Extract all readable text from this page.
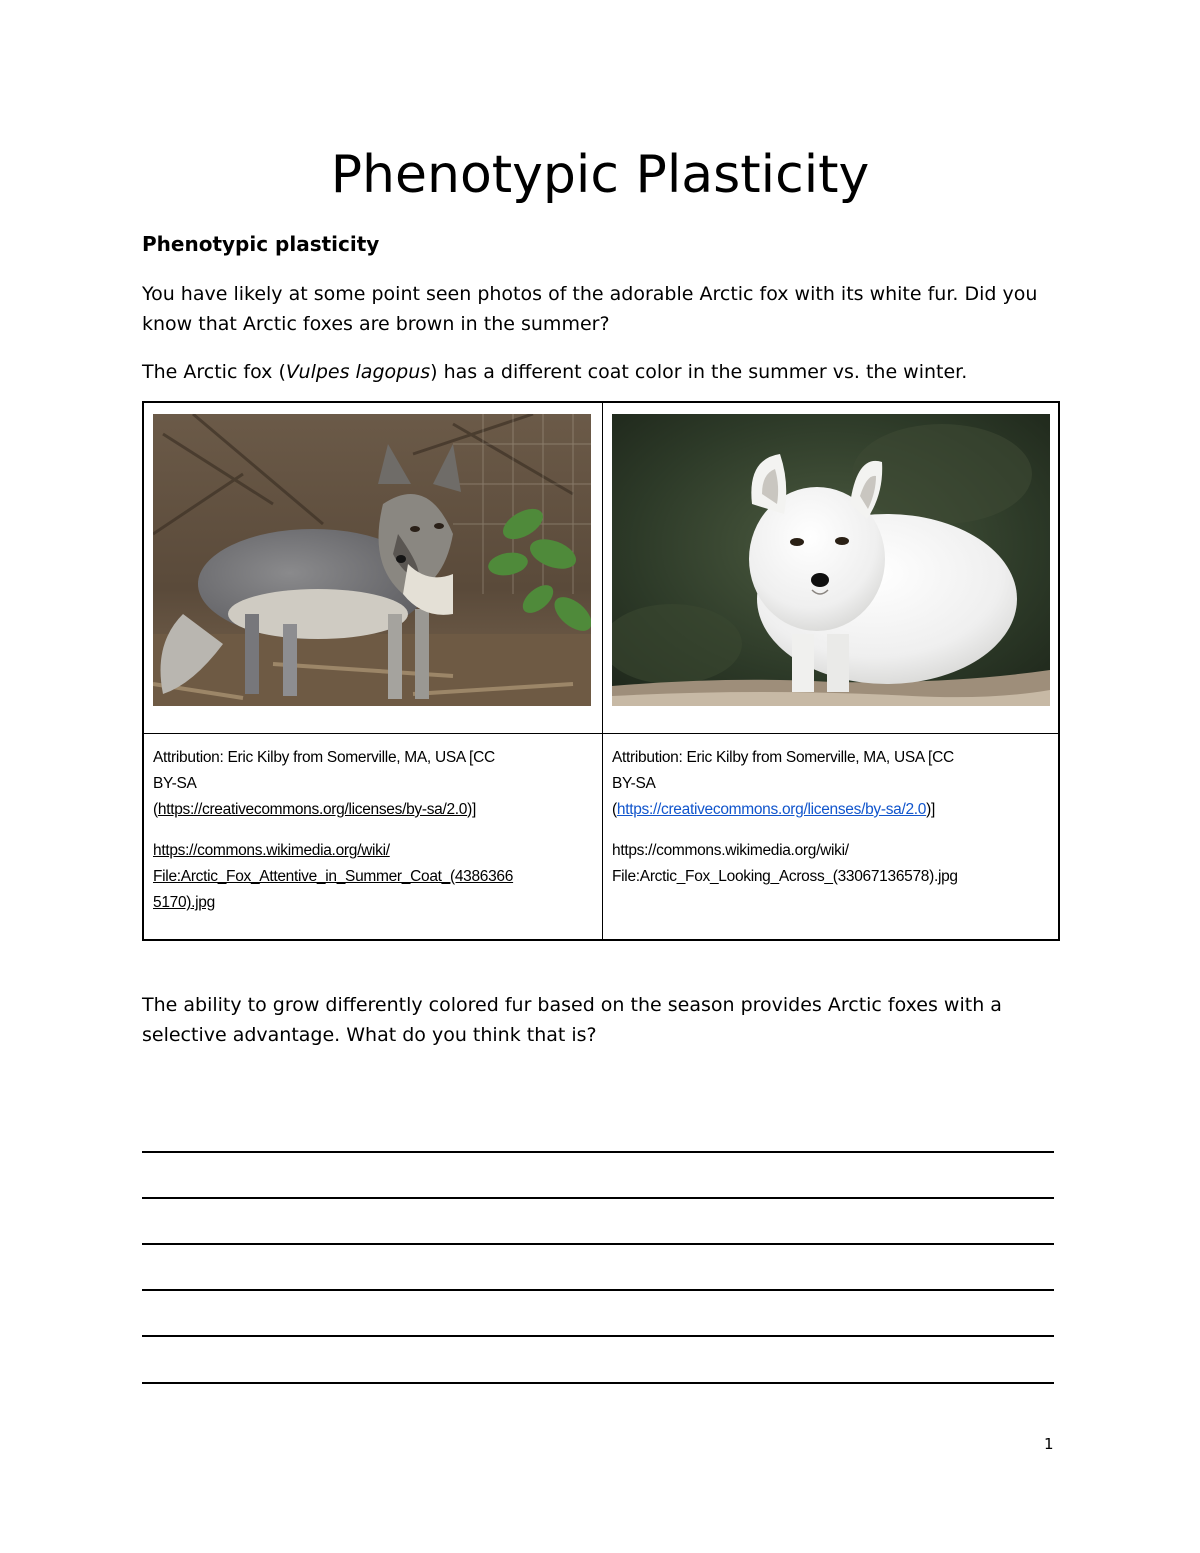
Phenotypic Plasticity
Phenotypic plasticity
You have likely at some point seen photos of the adorable Arctic fox with its white fur. Did you
know that Arctic foxes are brown in the summer?
The Arctic fox (Vulpes lagopus) has a different coat color in the summer vs. the winter.
Attribution: Eric Kilby from Somerville, MA, USA [CC
BY-SA
(https://creativecommons.org/licenses/by-sa/2.0)]
https://commons.wikimedia.org/wiki/
File:Arctic_Fox_Attentive_in_Summer_Coat_(4386366
5170).jpg
Attribution: Eric Kilby from Somerville, MA, USA [CC
BY-SA
(https://creativecommons.org/licenses/by-sa/2.0)]
https://commons.wikimedia.org/wiki/
File:Arctic_Fox_Looking_Across_(33067136578).jpg
The ability to grow differently colored fur based on the season provides Arctic foxes with a
selective advantage. What do you think that is?
1
